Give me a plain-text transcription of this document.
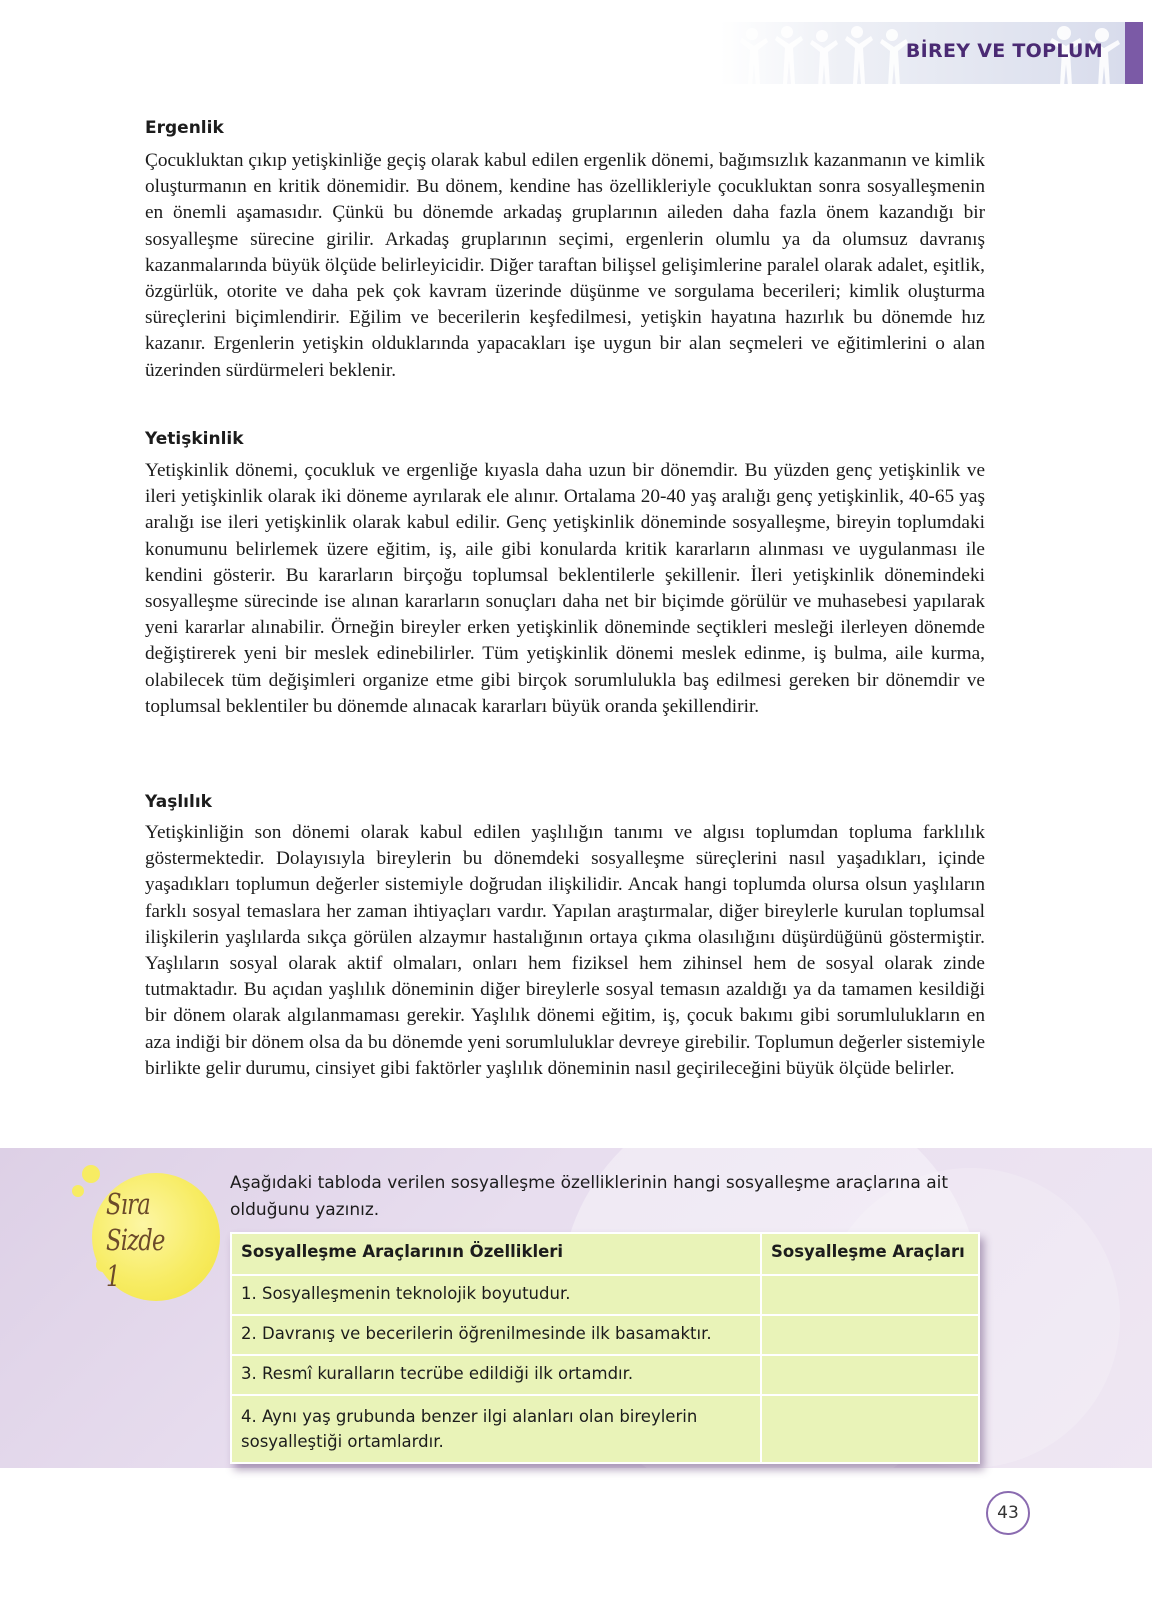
BİREY VE TOPLUM
Ergenlik

Çocukluktan çıkıp yetişkinliğe geçiş olarak kabul edilen ergenlik dönemi, bağımsızlık kazanmanın ve kimlik oluşturmanın en kritik dönemidir. Bu dönem, kendine has özellikleriyle çocukluktan sonra sosyalleşmenin en önemli aşamasıdır. Çünkü bu dönemde arkadaş gruplarının aileden daha fazla önem kazandığı bir sosyalleşme sürecine girilir. Arkadaş gruplarının seçimi, ergenlerin olumlu ya da olumsuz davranış kazanmalarında büyük ölçüde belirleyicidir. Diğer taraftan bilişsel gelişimlerine paralel olarak adalet, eşitlik, özgürlük, otorite ve daha pek çok kavram üzerinde düşünme ve sorgulama becerileri; kimlik oluşturma süreçlerini biçimlendirir. Eğilim ve becerilerin keşfedilmesi, yetişkin hayatına hazırlık bu dönemde hız kazanır. Ergenlerin yetişkin olduklarında yapacakları işe uygun bir alan seçmeleri ve eğitimlerini o alan üzerinden sürdürmeleri beklenir.

Yetişkinlik

Yetişkinlik dönemi, çocukluk ve ergenliğe kıyasla daha uzun bir dönemdir. Bu yüzden genç yetişkinlik ve ileri yetişkinlik olarak iki döneme ayrılarak ele alınır. Ortalama 20-40 yaş aralığı genç yetişkinlik, 40-65 yaş aralığı ise ileri yetişkinlik olarak kabul edilir. Genç yetişkinlik döneminde sosyalleşme, bireyin toplumdaki konumunu belirlemek üzere eğitim, iş, aile gibi konularda kritik kararların alınması ve uygulanması ile kendini gösterir. Bu kararların birçoğu toplumsal beklentilerle şekillenir. İleri yetişkinlik dönemindeki sosyalleşme sürecinde ise alınan kararların sonuçları daha net bir biçimde görülür ve muhasebesi yapılarak yeni kararlar alınabilir. Örneğin bireyler erken yetişkinlik döneminde seçtikleri mesleği ilerleyen dönemde değiştirerek yeni bir meslek edinebilirler. Tüm yetişkinlik dönemi meslek edinme, iş bulma, aile kurma, olabilecek tüm değişimleri organize etme gibi birçok sorumlulukla baş edilmesi gereken bir dönemdir ve toplumsal beklentiler bu dönemde alınacak kararları büyük oranda şekillendirir.

Yaşlılık

Yetişkinliğin son dönemi olarak kabul edilen yaşlılığın tanımı ve algısı toplumdan topluma farklılık göstermektedir. Dolayısıyla bireylerin bu dönemdeki sosyalleşme süreçlerini nasıl yaşadıkları, içinde yaşadıkları toplumun değerler sistemiyle doğrudan ilişkilidir. Ancak hangi toplumda olursa olsun yaşlıların farklı sosyal temaslara her zaman ihtiyaçları vardır. Yapılan araştırmalar, diğer bireylerle kurulan toplumsal ilişkilerin yaşlılarda sıkça görülen alzaymır hastalığının ortaya çıkma olasılığını düşürdüğünü göstermiştir. Yaşlıların sosyal olarak aktif olmaları, onları hem fiziksel hem zihinsel hem de sosyal olarak zinde tutmaktadır. Bu açıdan yaşlılık döneminin diğer bireylerle sosyal temasın azaldığı ya da tamamen kesildiği bir dönem olarak algılanmaması gerekir. Yaşlılık dönemi eğitim, iş, çocuk bakımı gibi sorumlulukların en aza indiği bir dönem olsa da bu dönemde yeni sorumluluklar devreye girebilir. Toplumun değerler sistemiyle birlikte gelir durumu, cinsiyet gibi faktörler yaşlılık döneminin nasıl geçirileceğini büyük ölçüde belirler.

Sıra
Sizde 1
Aşağıdaki tabloda verilen sosyalleşme özelliklerinin hangi sosyalleşme araçlarına ait olduğunu yazınız.
Sosyalleşme Araçlarının Özellikleri	Sosyalleşme Araçları
1. Sosyalleşmenin teknolojik boyutudur.	
2. Davranış ve becerilerin öğrenilmesinde ilk basamaktır.	
3. Resmî kuralların tecrübe edildiği ilk ortamdır.	
4. Aynı yaş grubunda benzer ilgi alanları olan bireylerin sosyalleştiği ortamlardır.	
43
